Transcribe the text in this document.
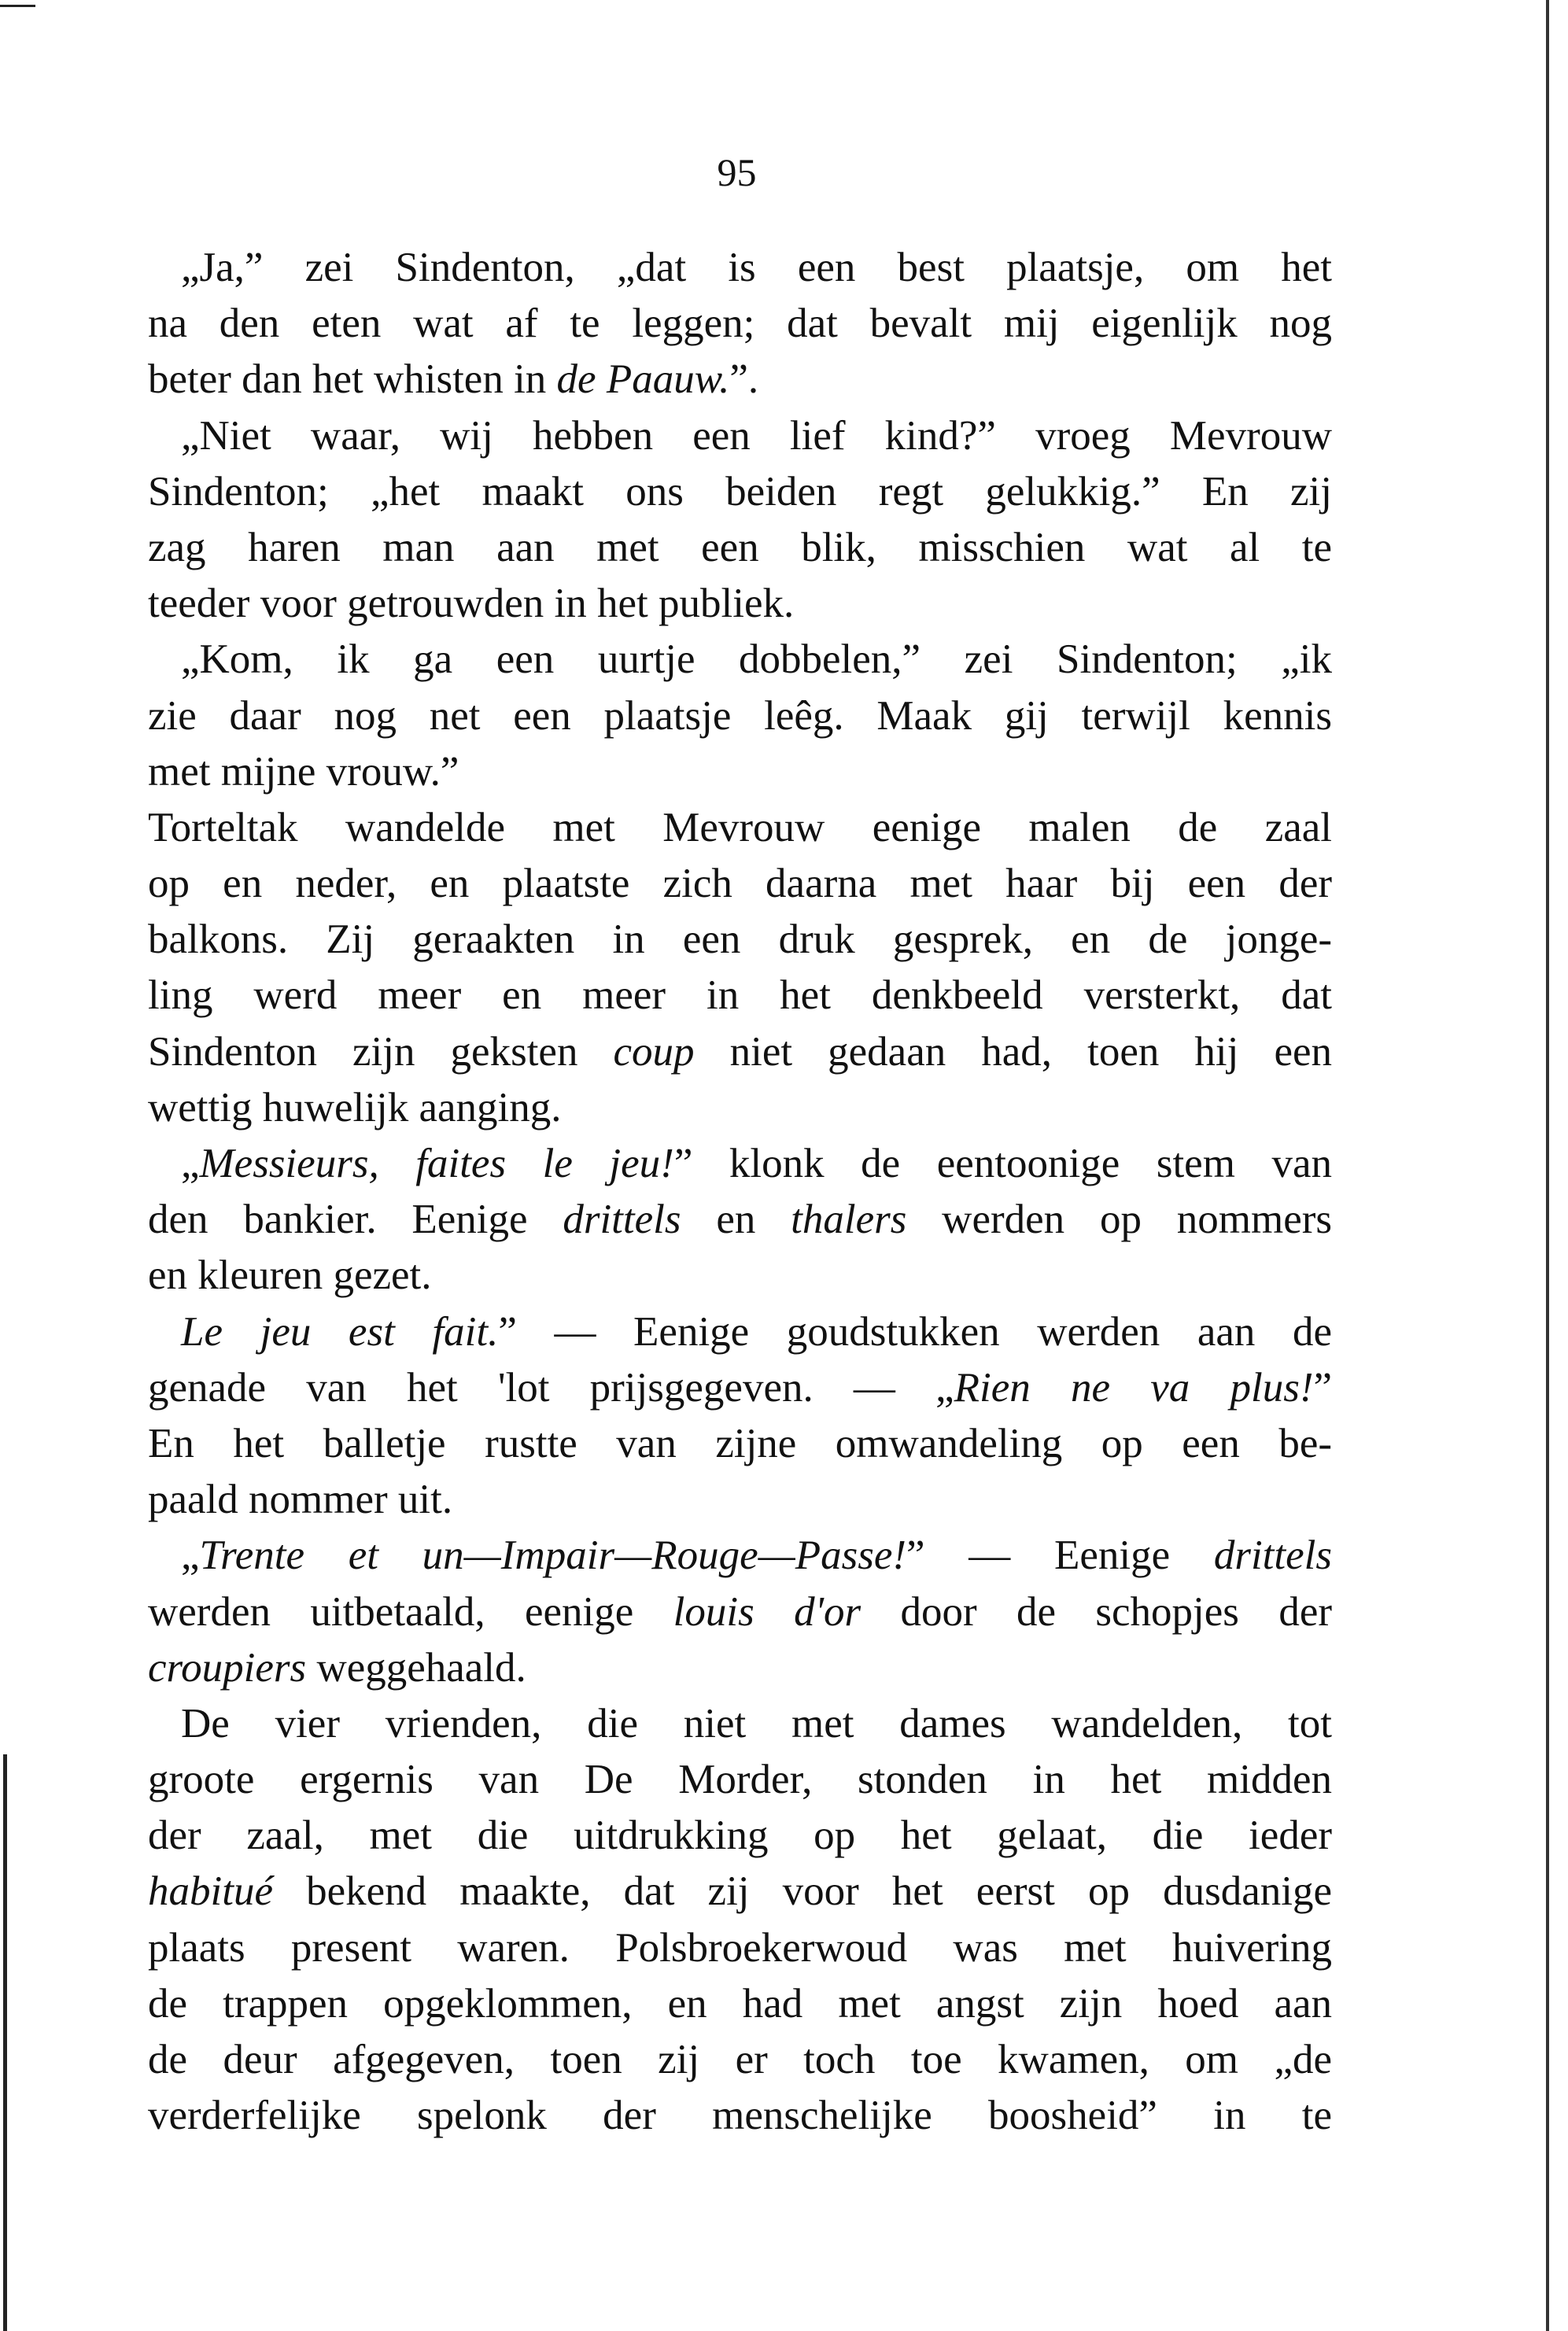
95
„Ja,” zei Sindenton, „dat is een best plaatsje, om het
na den eten wat af te leggen; dat bevalt mij eigenlijk nog
beter dan het whisten in de Paauw.”.
„Niet waar, wij hebben een lief kind?” vroeg Mevrouw
Sindenton; „het maakt ons beiden regt gelukkig.” En zij
zag haren man aan met een blik, misschien wat al te
teeder voor getrouwden in het publiek.
„Kom, ik ga een uurtje dobbelen,” zei Sindenton; „ik
zie daar nog net een plaatsje leêg. Maak gij terwijl kennis
met mijne vrouw.”
Torteltak wandelde met Mevrouw eenige malen de zaal
op en neder, en plaatste zich daarna met haar bij een der
balkons. Zij geraakten in een druk gesprek, en de jonge-
ling werd meer en meer in het denkbeeld versterkt, dat
Sindenton zijn geksten coup niet gedaan had, toen hij een
wettig huwelijk aanging.
„Messieurs, faites le jeu!” klonk de eentoonige stem van
den bankier. Eenige drittels en thalers werden op nommers
en kleuren gezet.
Le jeu est fait.” — Eenige goudstukken werden aan de
genade van het 'lot prijsgegeven. — „Rien ne va plus!”
En het balletje rustte van zijne omwandeling op een be-
paald nommer uit.
„Trente et un—Impair—Rouge—Passe!” — Eenige drittels
werden uitbetaald, eenige louis d'or door de schopjes der
croupiers weggehaald.
De vier vrienden, die niet met dames wandelden, tot
groote ergernis van De Morder, stonden in het midden
der zaal, met die uitdrukking op het gelaat, die ieder
habitué bekend maakte, dat zij voor het eerst op dusdanige
plaats present waren. Polsbroekerwoud was met huivering
de trappen opgeklommen, en had met angst zijn hoed aan
de deur afgegeven, toen zij er toch toe kwamen, om „de
verderfelijke spelonk der menschelijke boosheid” in te
